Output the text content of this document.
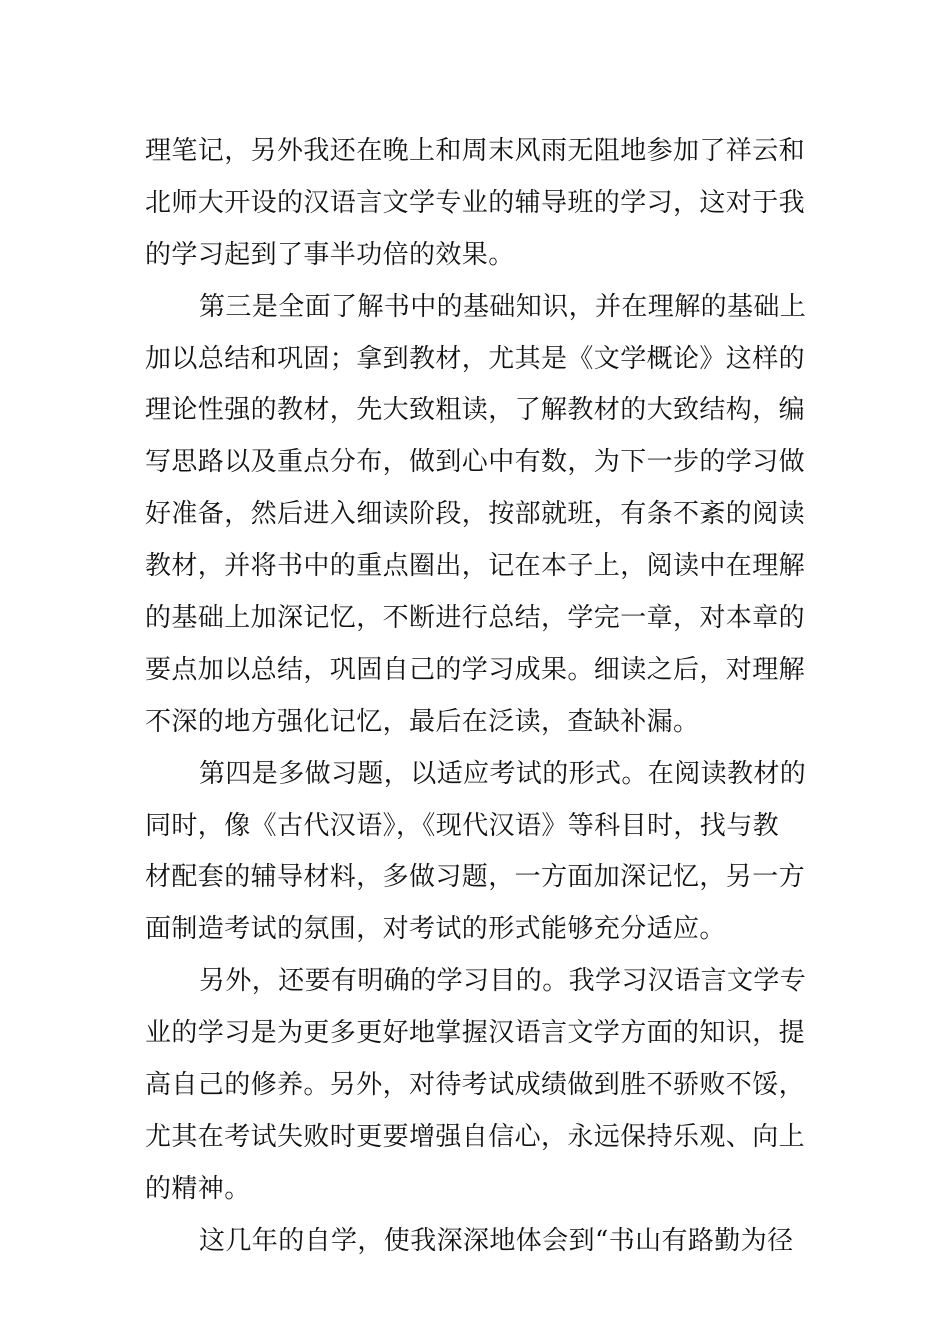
理笔记，另外我还在晚上和周末风雨无阻地参加了祥云和
北师大开设的汉语言文学专业的辅导班的学习，这对于我
的学习起到了事半功倍的效果。
第三是全面了解书中的基础知识，并在理解的基础上
加以总结和巩固；拿到教材，尤其是《文学概论》这样的
理论性强的教材，先大致粗读，了解教材的大致结构，编
写思路以及重点分布，做到心中有数，为下一步的学习做
好准备，然后进入细读阶段，按部就班，有条不紊的阅读
教材，并将书中的重点圈出，记在本子上，阅读中在理解
的基础上加深记忆，不断进行总结，学完一章，对本章的
要点加以总结，巩固自己的学习成果。细读之后，对理解
不深的地方强化记忆，最后在泛读，查缺补漏。
第四是多做习题，以适应考试的形式。在阅读教材的
同时，像《古代汉语》，《现代汉语》等科目时，找与教
材配套的辅导材料，多做习题，一方面加深记忆，另一方
面制造考试的氛围，对考试的形式能够充分适应。
另外，还要有明确的学习目的。我学习汉语言文学专
业的学习是为更多更好地掌握汉语言文学方面的知识，提
高自己的修养。另外，对待考试成绩做到胜不骄败不馁，
尤其在考试失败时更要增强自信心，永远保持乐观、向上
的精神。
这几年的自学，使我深深地体会到“书山有路勤为径
